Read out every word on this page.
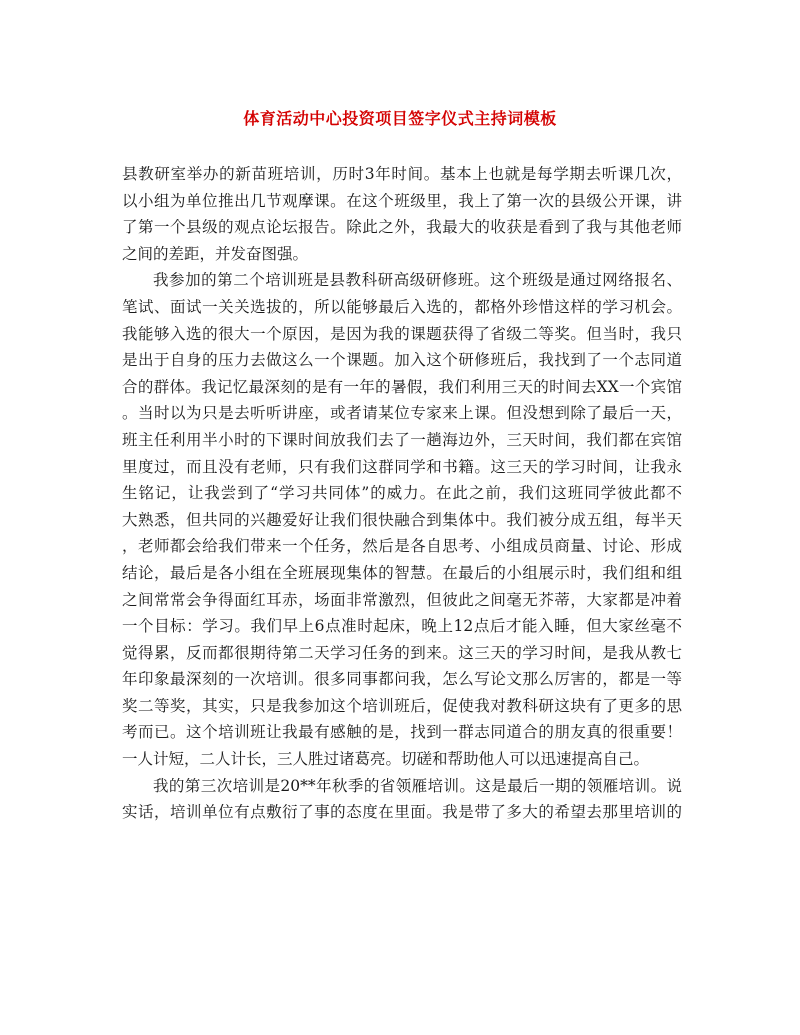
体育活动中心投资项目签字仪式主持词模板
县教研室举办的新苗班培训，历时3年时间。基本上也就是每学期去听课几次，
以小组为单位推出几节观摩课。在这个班级里，我上了第一次的县级公开课，讲
了第一个县级的观点论坛报告。除此之外，我最大的收获是看到了我与其他老师
之间的差距，并发奋图强。
我参加的第二个培训班是县教科研高级研修班。这个班级是通过网络报名、
笔试、面试一关关选拔的，所以能够最后入选的，都格外珍惜这样的学习机会。
我能够入选的很大一个原因，是因为我的课题获得了省级二等奖。但当时，我只
是出于自身的压力去做这么一个课题。加入这个研修班后，我找到了一个志同道
合的群体。我记忆最深刻的是有一年的暑假，我们利用三天的时间去XX一个宾馆
。当时以为只是去听听讲座，或者请某位专家来上课。但没想到除了最后一天，
班主任利用半小时的下课时间放我们去了一趟海边外，三天时间，我们都在宾馆
里度过，而且没有老师，只有我们这群同学和书籍。这三天的学习时间，让我永
生铭记，让我尝到了“学习共同体”的威力。在此之前，我们这班同学彼此都不
大熟悉，但共同的兴趣爱好让我们很快融合到集体中。我们被分成五组，每半天
，老师都会给我们带来一个任务，然后是各自思考、小组成员商量、讨论、形成
结论，最后是各小组在全班展现集体的智慧。在最后的小组展示时，我们组和组
之间常常会争得面红耳赤，场面非常激烈，但彼此之间毫无芥蒂，大家都是冲着
一个目标：学习。我们早上6点准时起床，晚上12点后才能入睡，但大家丝毫不
觉得累，反而都很期待第二天学习任务的到来。这三天的学习时间，是我从教七
年印象最深刻的一次培训。很多同事都问我，怎么写论文那么厉害的，都是一等
奖二等奖，其实，只是我参加这个培训班后，促使我对教科研这块有了更多的思
考而已。这个培训班让我最有感触的是，找到一群志同道合的朋友真的很重要！
一人计短，二人计长，三人胜过诸葛亮。切磋和帮助他人可以迅速提高自己。
我的第三次培训是20**年秋季的省领雁培训。这是最后一期的领雁培训。说
实话，培训单位有点敷衍了事的态度在里面。我是带了多大的希望去那里培训的
